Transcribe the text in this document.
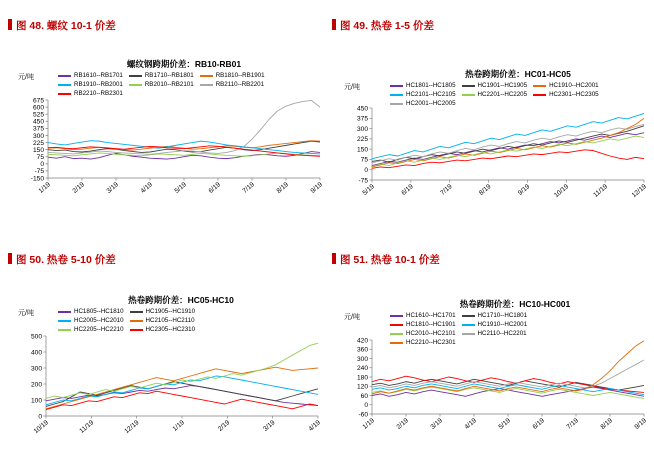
图 48. 螺纹 10-1 价差
元/吨
螺纹钢跨期价差：RB10-RB01
RB1610--RB1701	RB1710--RB1801	RB1810--RB1901
RB1910--RB2001	RB2010--RB2101	RB2110--RB2201
RB2210--RB2301
-150
-75
0
75
150
225
300
375
450
525
600
675
1/19	2/19	3/19	4/19	5/19	6/19	7/19	8/19	9/19
图 49. 热卷 1-5 价差
元/吨
热卷跨期价差：HC01-HC05
HC1801--HC1805	HC1901--HC1905	HC1910--HC2001
HC2101--HC2105	HC2201--HC2205	HC2301--HC2305
HC2001--HC2005
-75
0
75
150
225
300
375
450
5/19	6/19	7/19	8/19	9/19	10/19	11/19	12/19
图 50. 热卷 5-10 价差
元/吨
热卷跨期价差：HC05-HC10
HC1805--HC1810	HC1905--HC1910
HC2005--HC2010	HC2105--HC2110
HC2205--HC2210	HC2305--HC2310
0
100
200
300
400
500
10/19	11/19	12/19	1/19	2/19	3/19	4/19
图 51. 热卷 10-1 价差
元/吨
热卷跨期价差：HC10-HC001
HC1610--HC1701	HC1710--HC1801
HC1810--HC1901	HC1910--HC2001
HC2010--HC2101	HC2110--HC2201
HC2210--HC2301
-60
0
60
120
180
240
300
360
420
1/19	2/19	3/19	4/19	5/19	6/19	7/19	8/19	9/19
